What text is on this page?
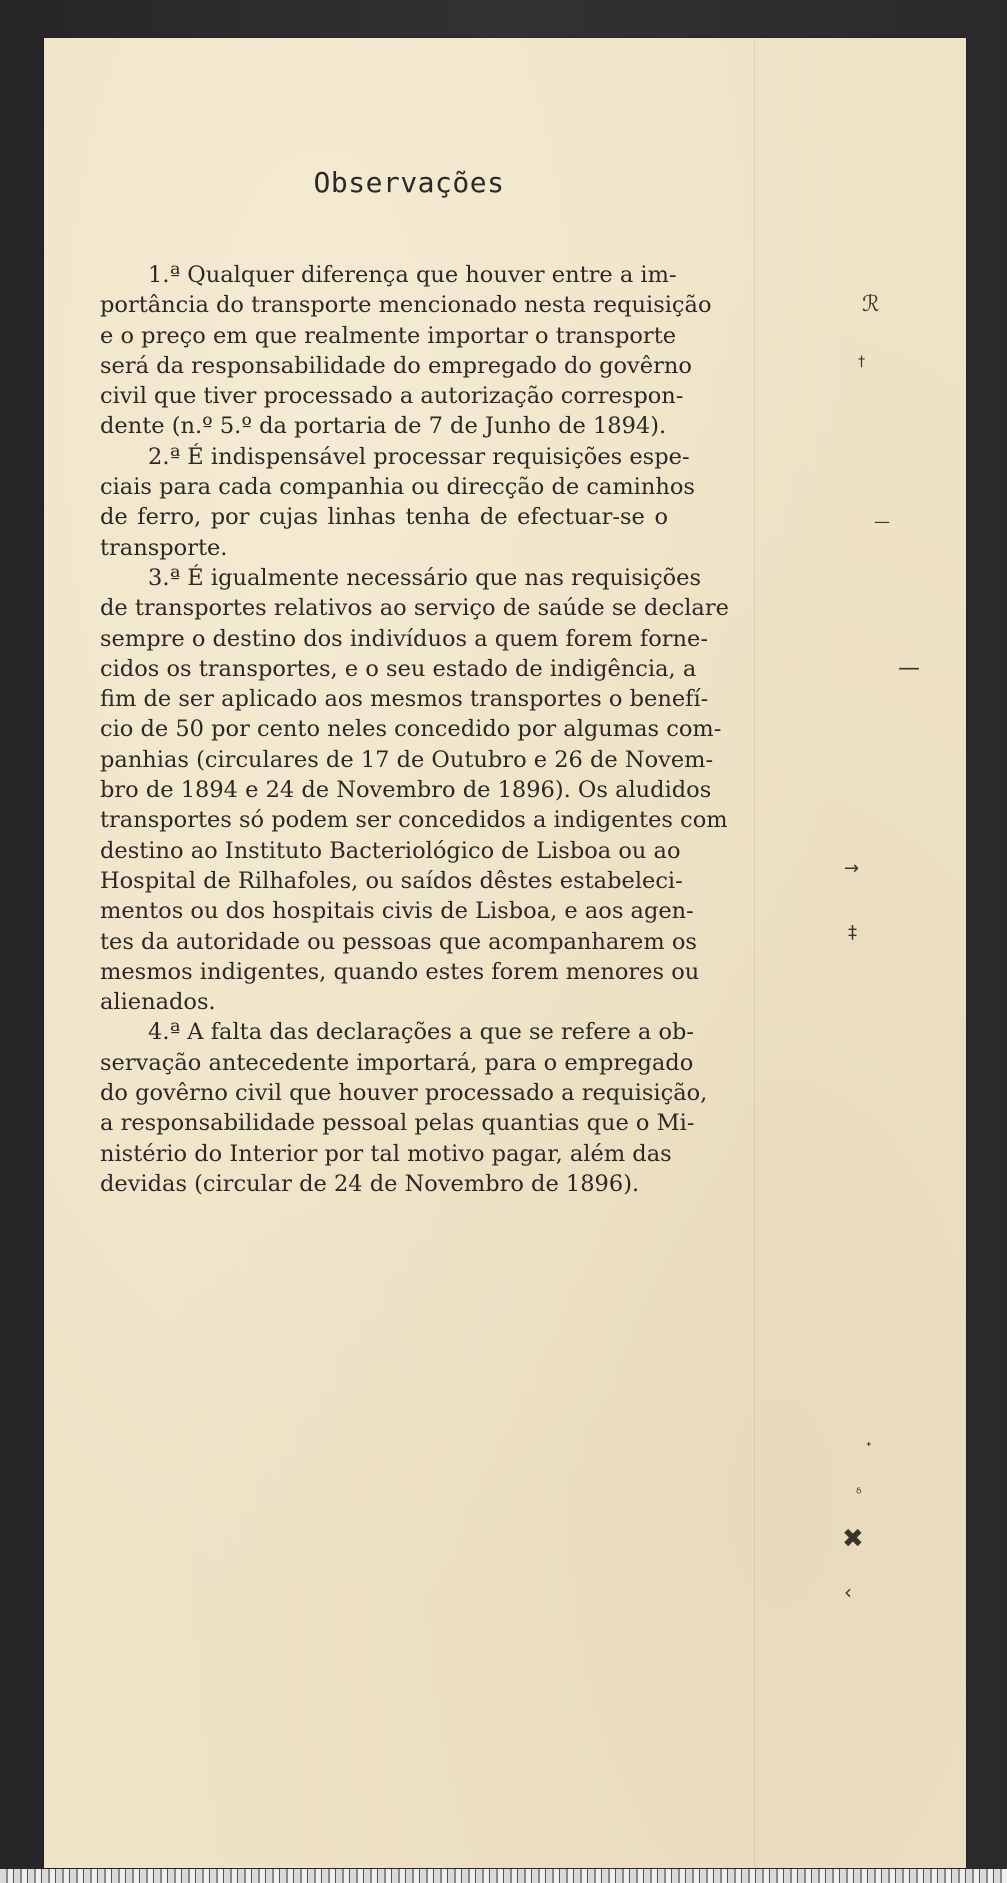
Observações
1.ª Qualquer diferença que houver entre a im-
portância do transporte mencionado nesta requisição
e o preço em que realmente importar o transporte
será da responsabilidade do empregado do govêrno
civil que tiver processado a autorização correspon-
dente (n.º 5.º da portaria de 7 de Junho de 1894).
2.ª É indispensável processar requisições espe-
ciais para cada companhia ou direcção de caminhos
de ferro, por cujas linhas tenha de efectuar-se o
transporte.
3.ª É igualmente necessário que nas requisições
de transportes relativos ao serviço de saúde se declare
sempre o destino dos indivíduos a quem forem forne-
cidos os transportes, e o seu estado de indigência, a
fim de ser aplicado aos mesmos transportes o benefí-
cio de 50 por cento neles concedido por algumas com-
panhias (circulares de 17 de Outubro e 26 de Novem-
bro de 1894 e 24 de Novembro de 1896). Os aludidos
transportes só podem ser concedidos a indigentes com
destino ao Instituto Bacteriológico de Lisboa ou ao
Hospital de Rilhafoles, ou saídos dêstes estabeleci-
mentos ou dos hospitais civis de Lisboa, e aos agen-
tes da autoridade ou pessoas que acompanharem os
mesmos indigentes, quando estes forem menores ou
alienados.
4.ª A falta das declarações a que se refere a ob-
servação antecedente importará, para o empregado
do govêrno civil que houver processado a requisição,
a responsabilidade pessoal pelas quantias que o Mi-
nistério do Interior por tal motivo pagar, além das
devidas (circular de 24 de Novembro de 1896).
ℛ
†
—
—
→
‡
˖
ᵟ
✖
‹
